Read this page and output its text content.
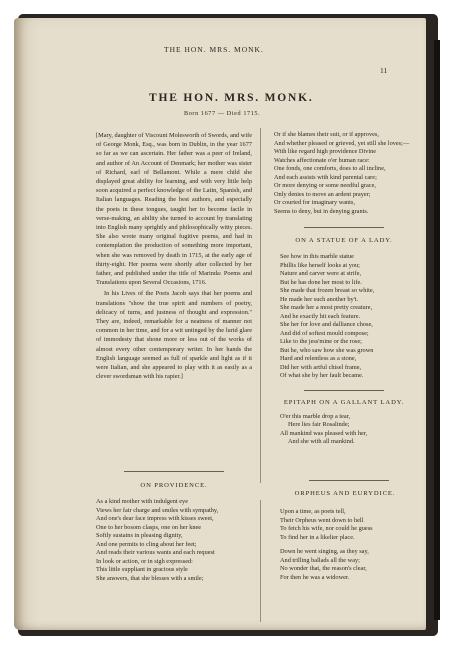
THE HON. MRS. MONK.
11
THE HON. MRS. MONK.
Born 1677 — Died 1715.

[Mary, daughter of Viscount Molesworth of Swords, and wife of George Monk, Esq., was born in Dublin, in the year 1677 so far as we can ascertain. Her father was a peer of Ireland, and author of An Account of Denmark; her mother was sister of Richard, earl of Bellamont. While a mere child she displayed great ability for learning, and with very little help soon acquired a perfect knowledge of the Latin, Spanish, and Italian languages. Reading the best authors, and especially the poets in these tongues, taught her to become facile in verse-making, an ability she turned to account by translating into English many sprightly and philosophically witty pieces. She also wrote many original fugitive poems, and had in contemplation the production of something more important, when she was removed by death in 1715, at the early age of thirty-eight. Her poems were shortly after collected by her father, and published under the title of Marinda: Poems and Translations upon Several Occasions, 1716.

In his Lives of the Poets Jacob says that her poems and translations "show the true spirit and numbers of poetry, delicacy of turns, and justness of thought and expression." They are, indeed, remarkable for a neatness of manner not common in her time, and for a wit untinged by the lurid glare of immodesty that shone more or less out of the works of almost every other contemporary writer. In her hands the English language seemed as full of sparkle and light as if it were Italian, and she appeared to play with it as easily as a clever swordsman with his rapier.]

Or if she blames their suit, or if approves,
And whether pleased or grieved, yet still she loves;—
With like regard high providence Divine
Watches affectionate o'er human race:
One fonds, one comforts, does to all incline,
And each assists with kind parental care;
Or more denying or some needful grace,
Only denies to move an ardent prayer;
Or courted for imaginary wants,
Seems to deny, but in denying grants.
ON A STATUE OF A LADY.
See how in this marble statue
Phillis like herself looks at you;
Nature and carver were at strife,
But he has done her most to life.
She made that frozen breast so white,
He made her such another by't.
She made her a most pretty creature,
And he exactly hit each feature.
She her for love and dalliance chose,
And did of softest mould compose;
Like to the jess'mine or the rose;
But he, who saw how she was grown
Hard and relentless as a stone,
Did her with artful chisel frame,
Of what she by her fault became.
EPITAPH ON A GALLANT LADY.
O'er this marble drop a tear,
Here lies fair Rosalinde;
All mankind was pleased with her,
And she with all mankind.
ON PROVIDENCE.
As a kind mother with indulgent eye
Views her fair charge and smiles with sympathy,
And one's dear face impress with kisses sweet,
One to her bosom clasps, one on her knee
Softly sustains in pleasing dignity,
And one permits to cling about her feet;
And reads their various wants and each request
In look or action, or in sigh expressed:
This little suppliant in gracious style
She answers, that she blesses with a smile;
ORPHEUS AND EURYDICE.
Upon a time, as poets tell,
Their Orpheus went down to hell
To fetch his wife, nor could he guess
To find her in a likelier place.
Down he went singing, as they say,
And trilling ballads all the way;
No wonder that, the reason's clear,
For then he was a widower.
